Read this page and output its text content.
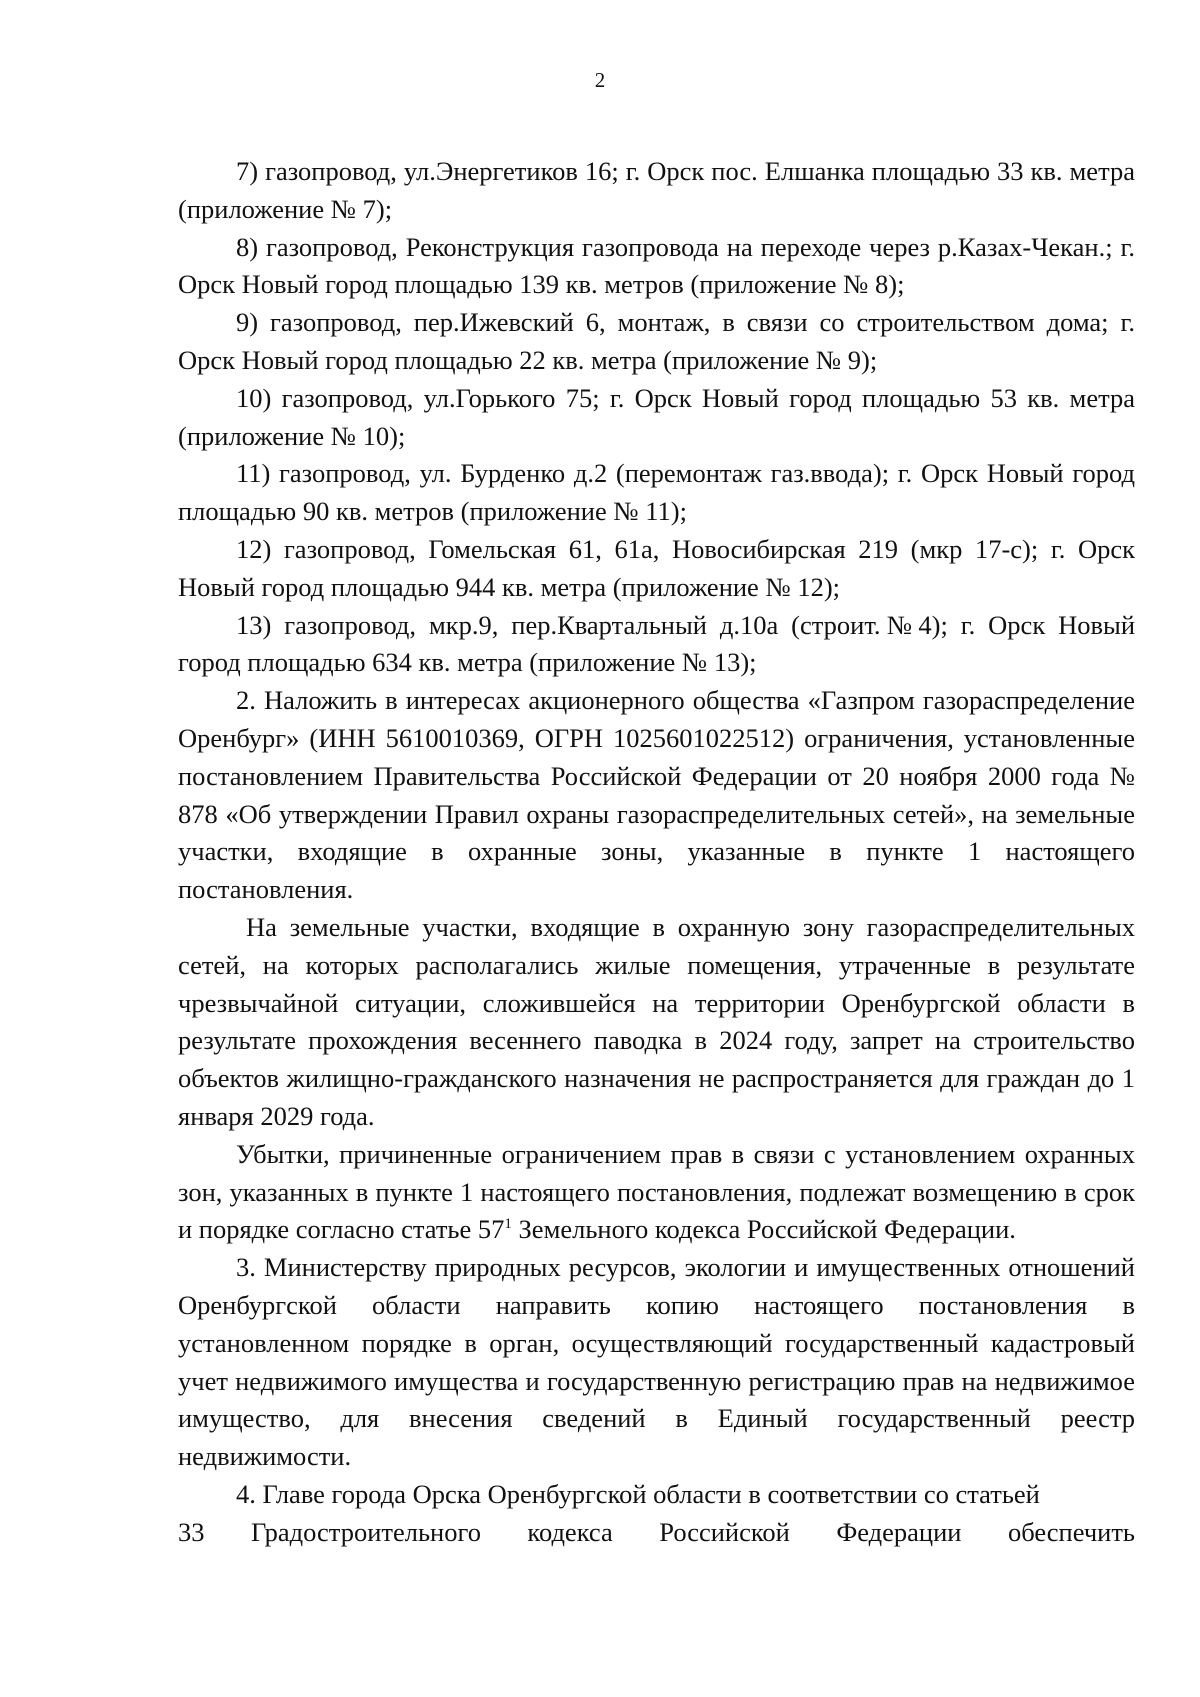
2

7) газопровод, ул.Энергетиков 16; г. Орск пос. Елшанка площадью 33 кв. метра (приложение № 7);

8) газопровод, Реконструкция газопровода на переходе через р.Казах-Чекан.; г. Орск Новый город площадью 139 кв. метров (приложение № 8);

9) газопровод, пер.Ижевский 6, монтаж, в связи со строительством дома; г. Орск Новый город площадью 22 кв. метра (приложение № 9);

10) газопровод, ул.Горького 75; г. Орск Новый город площадью 53 кв. метра (приложение № 10);

11) газопровод, ул. Бурденко д.2 (перемонтаж газ.ввода); г. Орск Новый город площадью 90 кв. метров (приложение № 11);

12) газопровод, Гомельская 61, 61а, Новосибирская 219 (мкр 17-с); г. Орск Новый город площадью 944 кв. метра (приложение № 12);

13) газопровод, мкр.9, пер.Квартальный д.10а (строит.№4); г. Орск Новый город площадью 634 кв. метра (приложение № 13);

2. Наложить в интересах акционерного общества «Газпром газораспределение Оренбург» (ИНН 5610010369, ОГРН 1025601022512) ограничения, установленные постановлением Правительства Российской Федерации от 20 ноября 2000 года № 878 «Об утверждении Правил охраны газораспределительных сетей», на земельные участки, входящие в охранные зоны, указанные в пункте 1 настоящего постановления.

На земельные участки, входящие в охранную зону газораспределительных сетей, на которых располагались жилые помещения, утраченные в результате чрезвычайной ситуации, сложившейся на территории Оренбургской области в результате прохождения весеннего паводка в 2024 году, запрет на строительство объектов жилищно-гражданского назначения не распространяется для граждан до 1 января 2029 года.

Убытки, причиненные ограничением прав в связи с установлением охранных зон, указанных в пункте 1 настоящего постановления, подлежат возмещению в срок и порядке согласно статье $57^1$ Земельного кодекса Российской Федерации.

3. Министерству природных ресурсов, экологии и имущественных отношений Оренбургской области направить копию настоящего постановления в установленном порядке в орган, осуществляющий государственный кадастровый учет недвижимого имущества и государственную регистрацию прав на недвижимое имущество, для внесения сведений в Единый государственный реестр недвижимости.

4. Главе города Орска Оренбургской области в соответствии со статьей

33 Градостроительного кодекса Российской Федерации обеспечить
